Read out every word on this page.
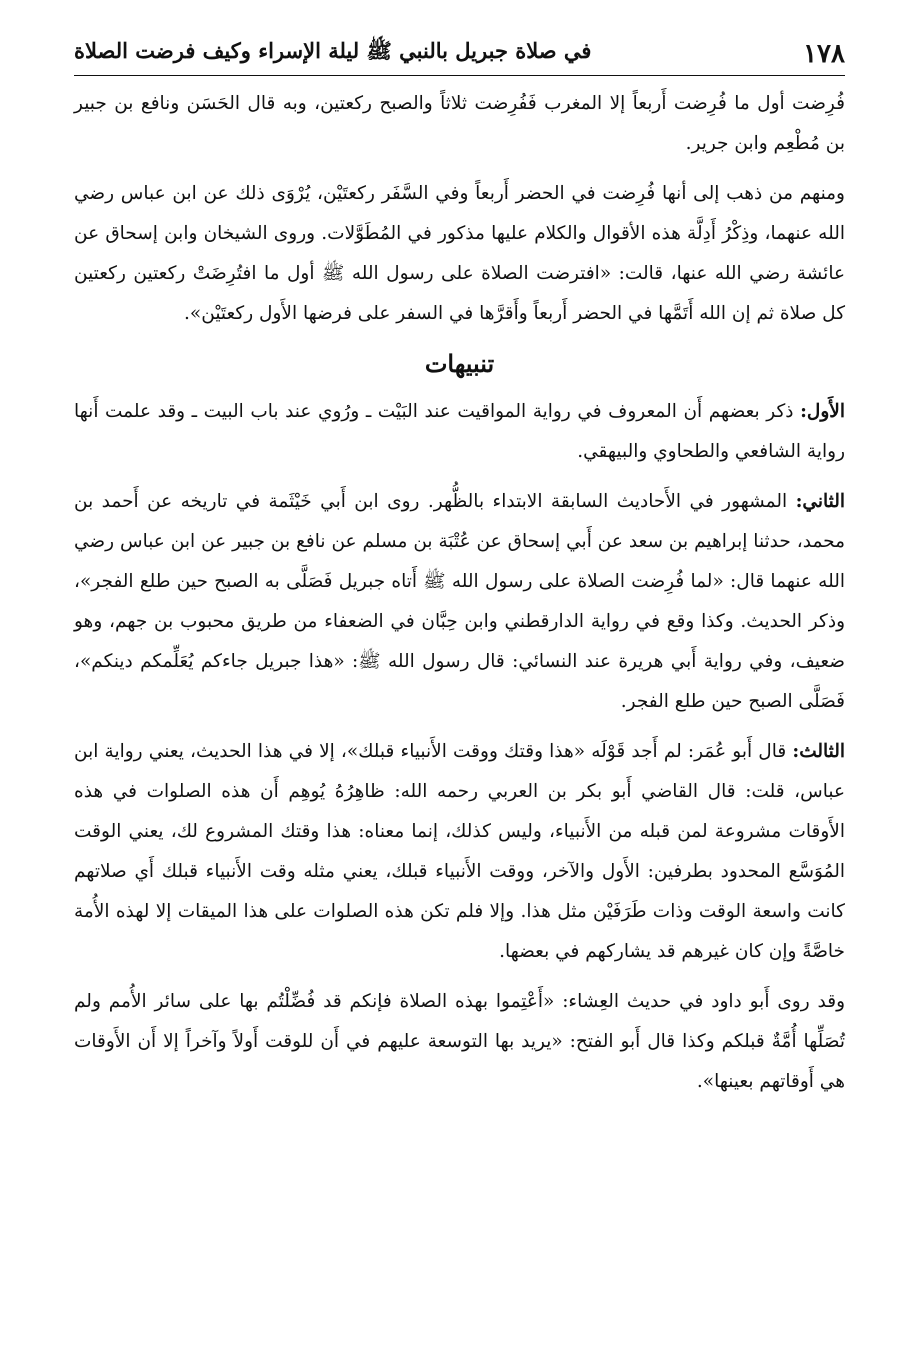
١٧٨
في صلاة جبريل بالنبي ﷺ ليلة الإسراء وكيف فرضت الصلاة

فُرِضت أول ما فُرِضت أَربعاً إلا المغرب فَفُرِضت ثلاثاً والصبح ركعتين، وبه قال الحَسَن ونافع بن جبير بن مُطْعِم وابن جرير.

ومنهم من ذهب إلى أنها فُرِضت في الحضر أَربعاً وفي السَّفَر ركعتَيْن، يُرْوَى ذلك عن ابن عباس رضي الله عنهما، وذِكْرُ أَدِلَّة هذه الأقوال والكلام عليها مذكور في المُطَوَّلات. وروى الشيخان وابن إسحاق عن عائشة رضي الله عنها، قالت: «افترضت الصلاة على رسول الله ﷺ أول ما افتُرِضَتْ ركعتين ركعتين كل صلاة ثم إن الله أَتَمَّها في الحضر أَربعاً وأَقرَّها في السفر على فرضها الأَول ركعتَيْن».

تنبيهات

الأَول: ذكر بعضهم أَن المعروف في رواية المواقيت عند البَيْت ـ ورُوي عند باب البيت ـ وقد علمت أَنها رواية الشافعي والطحاوي والبيهقي.

الثاني: المشهور في الأَحاديث السابقة الابتداء بالظُّهر. روى ابن أَبي خَيْثَمة في تاريخه عن أَحمد بن محمد، حدثنا إبراهيم بن سعد عن أَبي إسحاق عن عُتْبَة بن مسلم عن نافع بن جبير عن ابن عباس رضي الله عنهما قال: «لما فُرِضت الصلاة على رسول الله ﷺ أَتاه جبريل فَصَلَّى به الصبح حين طلع الفجر»، وذكر الحديث. وكذا وقع في رواية الدارقطني وابن حِبَّان في الضعفاء من طريق محبوب بن جهم، وهو ضعيف، وفي رواية أَبي هريرة عند النسائي: قال رسول الله ﷺ: «هذا جبريل جاءكم يُعَلِّمكم دينكم»، فَصَلَّى الصبح حين طلع الفجر.

الثالث: قال أَبو عُمَر: لم أَجد قَوْلَه «هذا وقتك ووقت الأَنبياء قبلك»، إلا في هذا الحديث، يعني رواية ابن عباس، قلت: قال القاضي أَبو بكر بن العربي رحمه الله: ظاهِرُهُ يُوهِم أَن هذه الصلوات في هذه الأَوقات مشروعة لمن قبله من الأَنبياء، وليس كذلك، إنما معناه: هذا وقتك المشروع لك، يعني الوقت المُوَسَّع المحدود بطرفين: الأَول والآخر، ووقت الأَنبياء قبلك، يعني مثله وقت الأَنبياء قبلك أَي صلاتهم كانت واسعة الوقت وذات طَرَفَيْن مثل هذا. وإلا فلم تكن هذه الصلوات على هذا الميقات إلا لهذه الأُمة خاصَّةً وإن كان غيرهم قد يشاركهم في بعضها.

وقد روى أَبو داود في حديث العِشاء: «أَعْتِموا بهذه الصلاة فإنكم قد فُضِّلْتُم بها على سائر الأُمم ولم تُصَلِّها أُمَّةٌ قبلكم وكذا قال أَبو الفتح: «يريد بها التوسعة عليهم في أَن للوقت أَولاً وآخراً إلا أَن الأَوقات هي أَوقاتهم بعينها».
